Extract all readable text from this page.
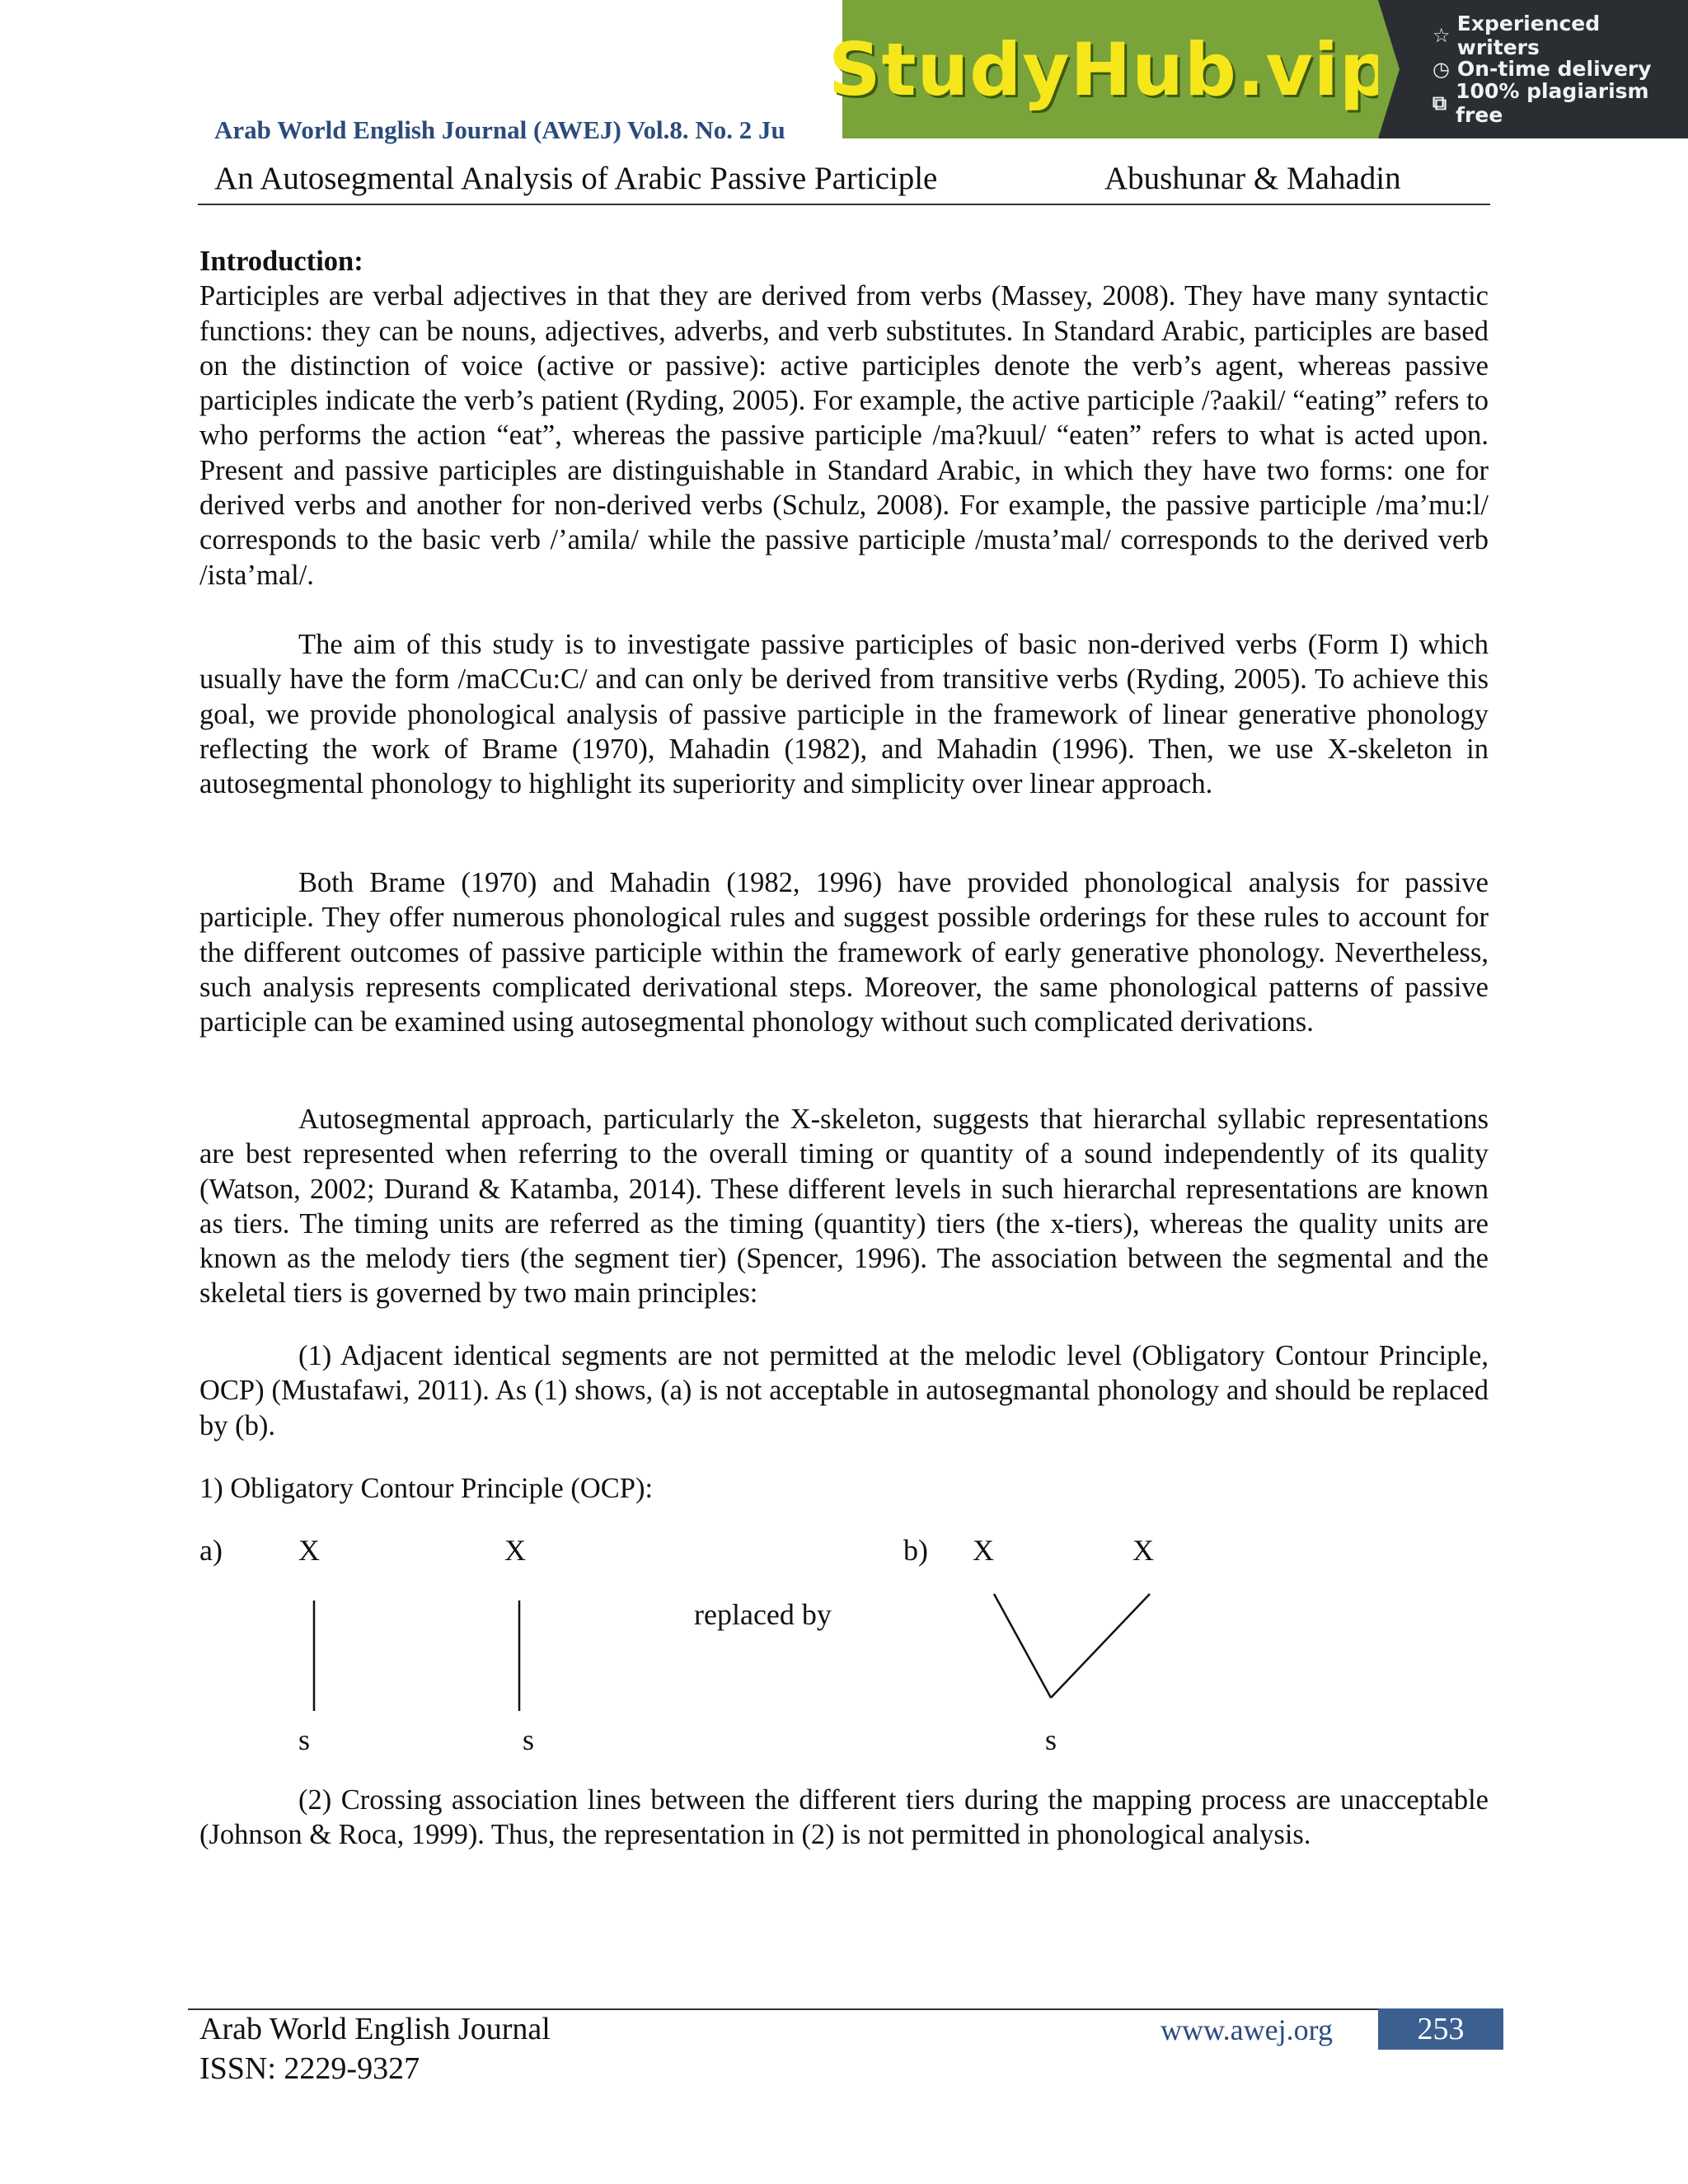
StudyHub.vip ☆ Experienced writers
◷ On-time delivery
⧉ 100% plagiarism free
Arab World English Journal (AWEJ) Vol.8. No. 2 Ju
An Autosegmental Analysis of Arabic Passive Participle	Abushunar & Mahadin
Introduction:
Participles are verbal adjectives in that they are derived from verbs (Massey, 2008). They have many syntactic functions: they can be nouns, adjectives, adverbs, and verb substitutes. In Standard Arabic, participles are based on the distinction of voice (active or passive): active participles denote the verb’s agent, whereas passive participles indicate the verb’s patient (Ryding, 2005). For example, the active participle /?aakil/ “eating” refers to who performs the action “eat”, whereas the passive participle /ma?kuul/ “eaten” refers to what is acted upon. Present and passive participles are distinguishable in Standard Arabic, in which they have two forms: one for derived verbs and another for non-derived verbs (Schulz, 2008). For example, the passive participle /ma’mu:l/ corresponds to the basic verb /’amila/ while the passive participle /musta’mal/ corresponds to the derived verb /ista’mal/.
The aim of this study is to investigate passive participles of basic non-derived verbs (Form I) which usually have the form /maCCu:C/ and can only be derived from transitive verbs (Ryding, 2005). To achieve this goal, we provide phonological analysis of passive participle in the framework of linear generative phonology reflecting the work of Brame (1970), Mahadin (1982), and Mahadin (1996). Then, we use X-skeleton in autosegmental phonology to highlight its superiority and simplicity over linear approach.
Both Brame (1970) and Mahadin (1982, 1996) have provided phonological analysis for passive participle. They offer numerous phonological rules and suggest possible orderings for these rules to account for the different outcomes of passive participle within the framework of early generative phonology. Nevertheless, such analysis represents complicated derivational steps. Moreover, the same phonological patterns of passive participle can be examined using autosegmental phonology without such complicated derivations.
Autosegmental approach, particularly the X-skeleton, suggests that hierarchal syllabic representations are best represented when referring to the overall timing or quantity of a sound independently of its quality (Watson, 2002; Durand & Katamba, 2014). These different levels in such hierarchal representations are known as tiers. The timing units are referred as the timing (quantity) tiers (the x-tiers), whereas the quality units are known as the melody tiers (the segment tier) (Spencer, 1996). The association between the segmental and the skeletal tiers is governed by two main principles:
(1) Adjacent identical segments are not permitted at the melodic level (Obligatory Contour Principle, OCP) (Mustafawi, 2011). As (1) shows, (a) is not acceptable in autosegmantal phonology and should be replaced by (b).
1) Obligatory Contour Principle (OCP):
a)	X	X	b) X	X
replaced by
s	s	s
(2) Crossing association lines between the different tiers during the mapping process are unacceptable (Johnson & Roca, 1999). Thus, the representation in (2) is not permitted in phonological analysis.
Arab World English Journal
ISSN: 2229-9327
www.awej.org	253
